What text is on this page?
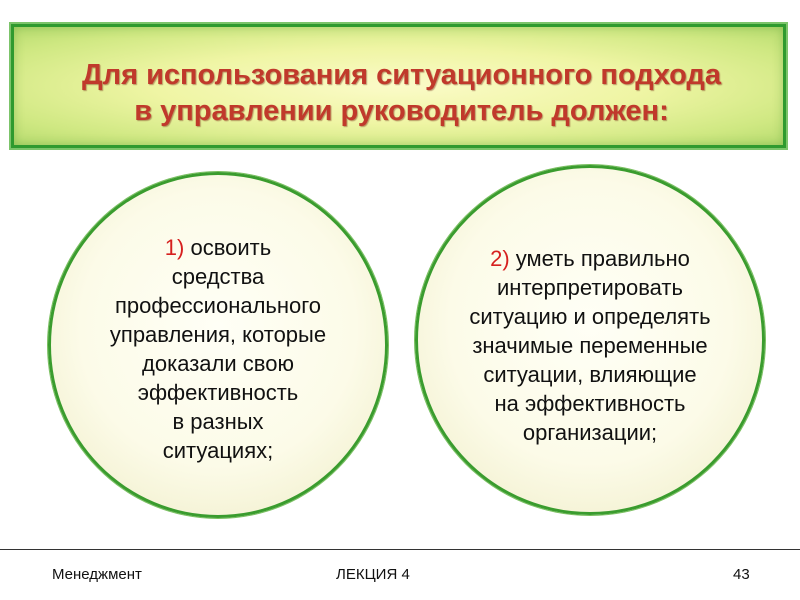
Для использования ситуационного подхода
в управлении руководитель должен:
1) освоить
средства
профессионального
управления, которые
доказали свою
эффективность
в разных
ситуациях;
2) уметь правильно
интерпретировать
ситуацию и определять
значимые переменные
ситуации, влияющие
на эффективность
организации;
Менеджмент	ЛЕКЦИЯ 4	43
